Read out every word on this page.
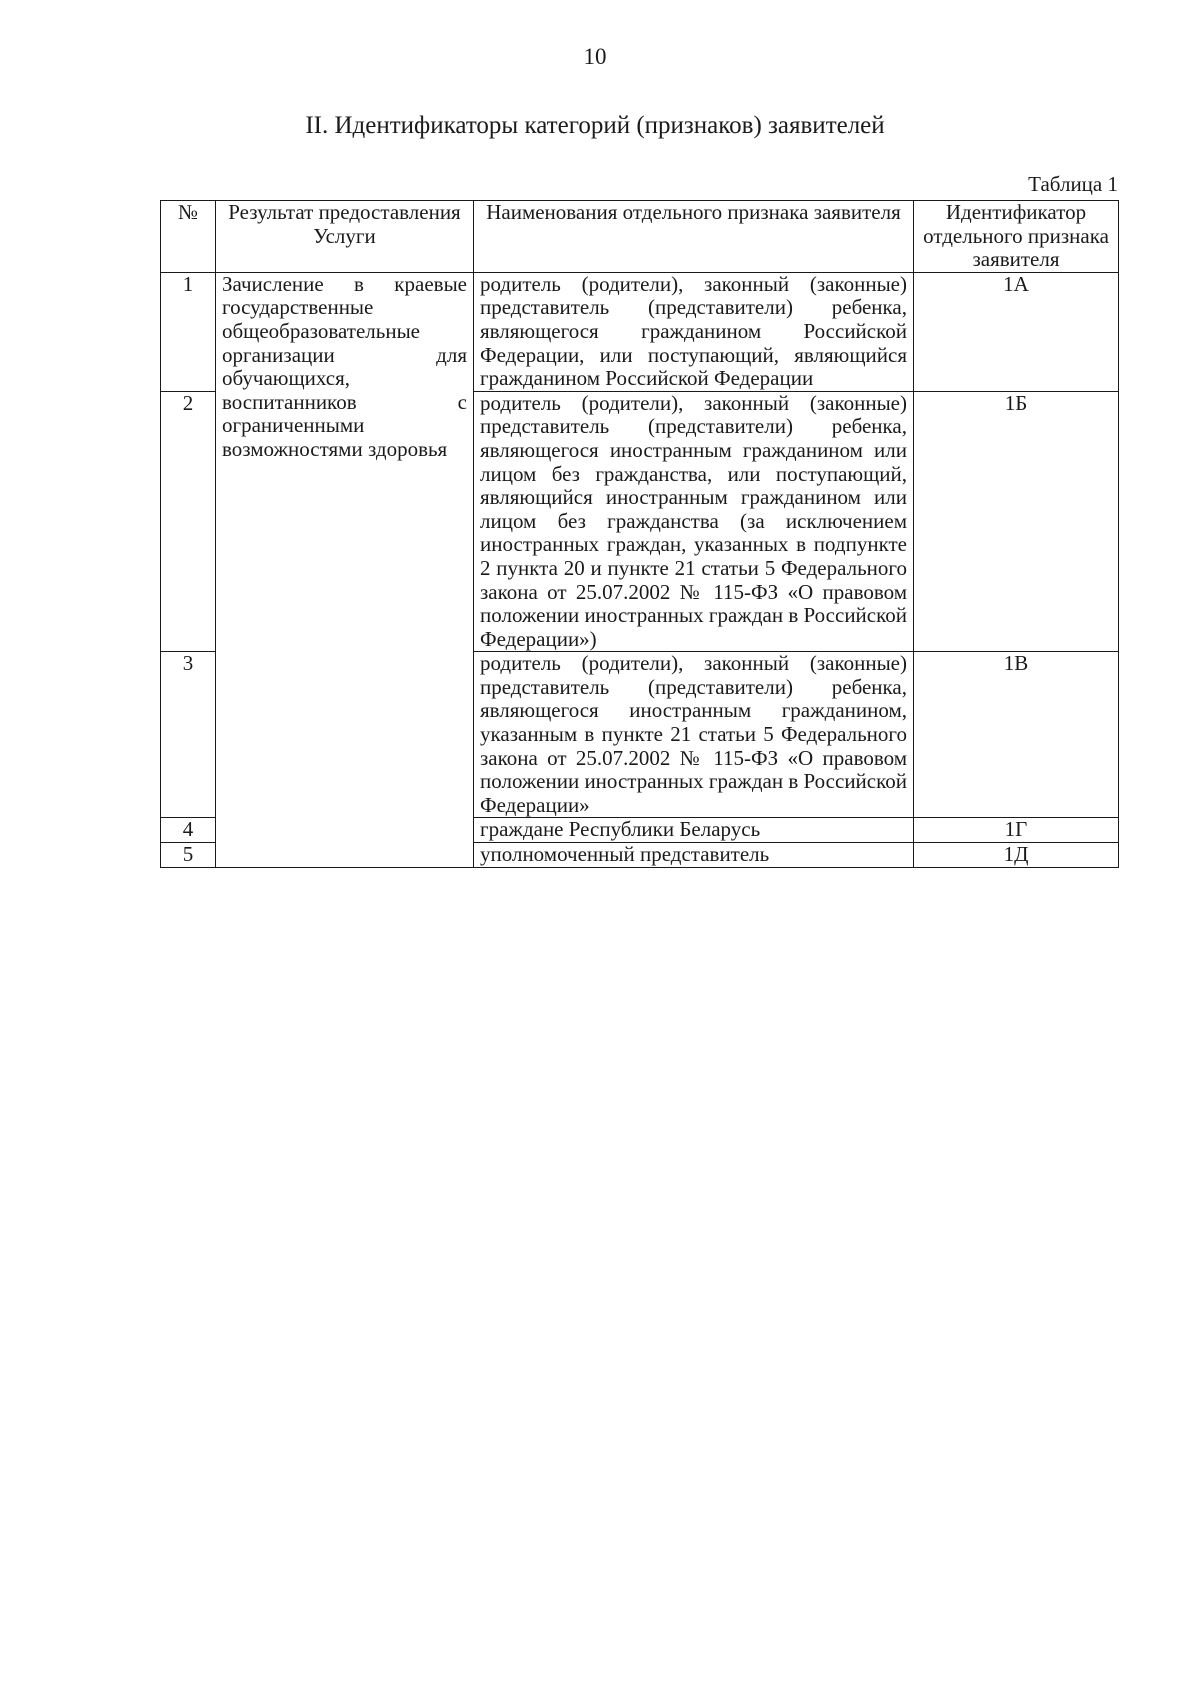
10
II. Идентификаторы категорий (признаков) заявителей
Таблица 1
№	Результат предоставления Услуги	Наименования отдельного признака заявителя	Идентификатор отдельного признака заявителя
1	Зачисление в краевые государственные общеобразовательные организации для обучающихся, воспитанников с ограниченными возможностями здоровья	родитель (родители), законный (законные) представитель (представители) ребенка, являющегося гражданином Российской Федерации, или поступающий, являющийся гражданином Российской Федерации	1А
2		родитель (родители), законный (законные) представитель (представители) ребенка, являющегося иностранным гражданином или лицом без гражданства, или поступающий, являющийся иностранным гражданином или лицом без гражданства (за исключением иностранных граждан, указанных в подпункте 2 пункта 20 и пункте 21 статьи 5 Федерального закона от 25.07.2002 № 115-ФЗ «О правовом положении иностранных граждан в Российской Федерации»)	1Б
3		родитель (родители), законный (законные) представитель (представители) ребенка, являющегося иностранным гражданином, указанным в пункте 21 статьи 5 Федерального закона от 25.07.2002 № 115-ФЗ «О правовом положении иностранных граждан в Российской Федерации»	1В
4		граждане Республики Беларусь	1Г
5		уполномоченный представитель	1Д
